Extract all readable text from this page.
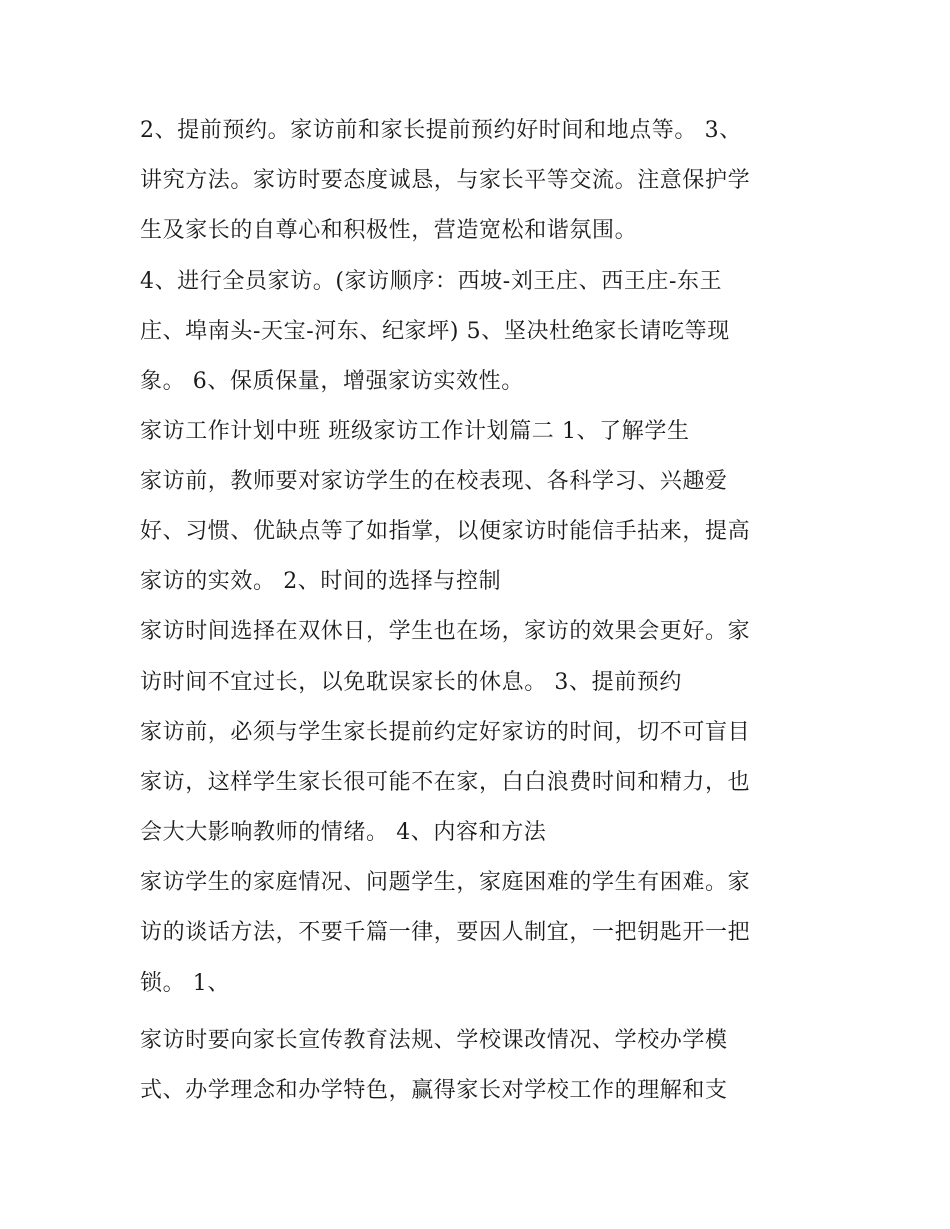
2、提前预约。家访前和家长提前预约好时间和地点等。 3、
讲究方法。家访时要态度诚恳，与家长平等交流。注意保护学
生及家长的自尊心和积极性，营造宽松和谐氛围。
4、进行全员家访。(家访顺序：西坡-刘王庄、西王庄-东王
庄、埠南头-天宝-河东、纪家坪) 5、坚决杜绝家长请吃等现
象。 6、保质保量，增强家访实效性。
家访工作计划中班 班级家访工作计划篇二 1、了解学生
家访前，教师要对家访学生的在校表现、各科学习、兴趣爱
好、习惯、优缺点等了如指掌，以便家访时能信手拈来，提高
家访的实效。 2、时间的选择与控制
家访时间选择在双休日，学生也在场，家访的效果会更好。家
访时间不宜过长，以免耽误家长的休息。 3、提前预约
家访前，必须与学生家长提前约定好家访的时间，切不可盲目
家访，这样学生家长很可能不在家，白白浪费时间和精力，也
会大大影响教师的情绪。 4、内容和方法
家访学生的家庭情况、问题学生，家庭困难的学生有困难。家
访的谈话方法，不要千篇一律，要因人制宜，一把钥匙开一把
锁。 1、
家访时要向家长宣传教育法规、学校课改情况、学校办学模
式、办学理念和办学特色，赢得家长对学校工作的理解和支
